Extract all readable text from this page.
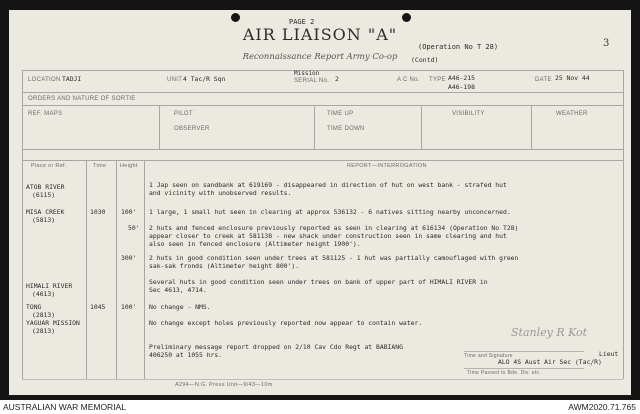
PAGE 2
AIR LIAISON "A"
Reconnaissance Report Army Co-op
(Operation No T 28)
(Contd)
3
LOCATION TADJI	UNIT 4 Tac/R Sqn
Mission
SERIAL No. 2	A C No. TYPE A46-215
A46-198
DATE 25 Nov 44
ORDERS AND NATURE OF SORTIE
REF. MAPS	PILOT
OBSERVER
TIME UP
TIME DOWN
VISIBILITY	WEATHER
Place or Ref.	Time	Height	REPORT—INTERROGATION
ATOB RIVER
(6115)
1 Jap seen on sandbank at 619169 - disappeared in direction of hut on west bank - strafed hut
and vicinity with unobserved results.
MISA CREEK
(5813)
1030 100' 1 large, 1 small hut seen in clearing at approx 536132 - 6 natives sitting nearby unconcerned.
50' 2 huts and fenced enclosure previously reported as seen in clearing at 616134 (Operation No T28)
appear closer to creek at 581138 - new shack under construction seen in same clearing and hut
also seen in fenced enclosure (Altimeter height 1900').
300' 2 huts in good condition seen under trees at 581125 - 1 hut was partially camouflaged with green
sak-sak fronds (Altimeter height 800').
HIMALI RIVER
(4613)
Several huts in good condition seen under trees on bank of upper part of HIMALI RIVER in
Sec 4613, 4714.
TONG
(2813)
1045 100' No change - NMS.
YAGUAR MISSION
(2813)
No change except holes previously reported now appear to contain water.
Preliminary message report dropped on 2/10 Cav Cdo Regt at BABIANG
406250 at 1055 hrs.
Stanley R Kot
Time and Signature	Lieut
ALO 4S Aust Air Sec (Tac/R)
Time Passed to Bde. Div. etc.
A294—N.G. Press Unit—9/43—10m
AUSTRALIAN WAR MEMORIAL	AWM2020.71.765
